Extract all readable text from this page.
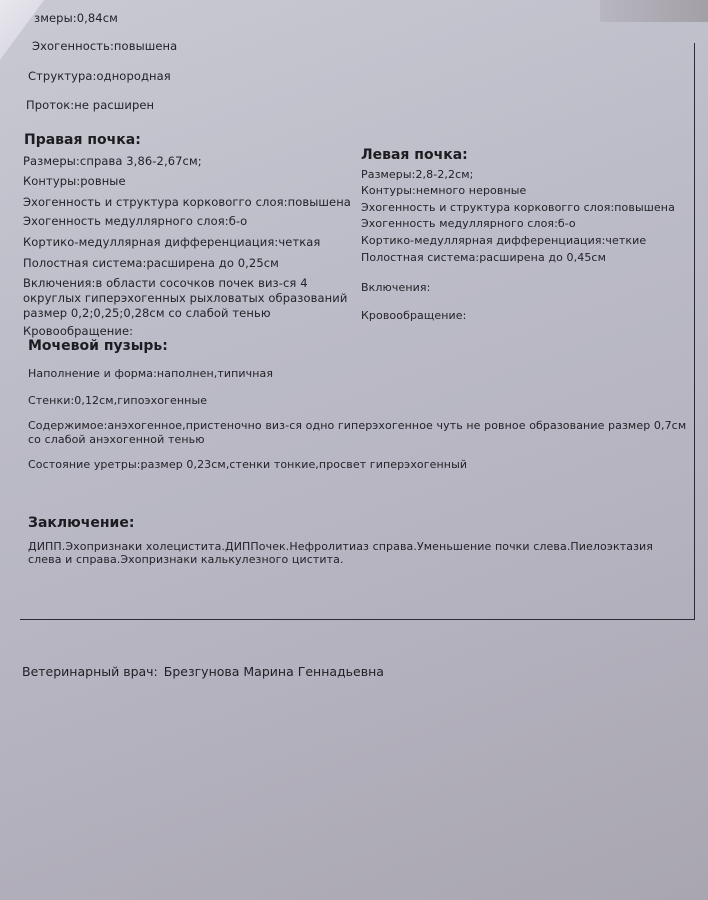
змеры:0,84см
Эхогенность:повышена
Структура:однородная
Проток:не расширен
Правая почка:
Размеры:справа 3,86-2,67см;
Контуры:ровные
Эхогенность и структура корковогго слоя:повышена
Эхогенность медуллярного слоя:б-о
Кортико-медуллярная дифференциация:четкая
Полостная система:расширена до 0,25см
Включения:в области сосочков почек виз-ся 4
округлых гиперэхогенных рыхловатых образований
размер 0,2;0,25;0,28см со слабой тенью
Кровообращение:
Левая почка:
Размеры:2,8-2,2см;
Контуры:немного неровные
Эхогенность и структура корковогго слоя:повышена
Эхогенность медуллярного слоя:б-о
Кортико-медуллярная дифференциация:четкие
Полостная система:расширена до 0,45см
Включения:
Кровообращение:
Мочевой пузырь:
Наполнение и форма:наполнен,типичная
Стенки:0,12см,гипоэхогенные
Содержимое:анэхогенное,пристеночно виз-ся одно гиперэхогенное чуть не ровное образование размер 0,7см
со слабой анэхогенной тенью
Состояние уретры:размер 0,23см,стенки тонкие,просвет гиперэхогенный
Заключение:
ДИПП.Эхопризнаки холецистита.ДИППочек.Нефролитиаз справа.Уменьшение почки слева.Пиелоэктазия
слева и справа.Эхопризнаки калькулезного цистита.
Ветеринарный врач: Брезгунова Марина Геннадьевна
